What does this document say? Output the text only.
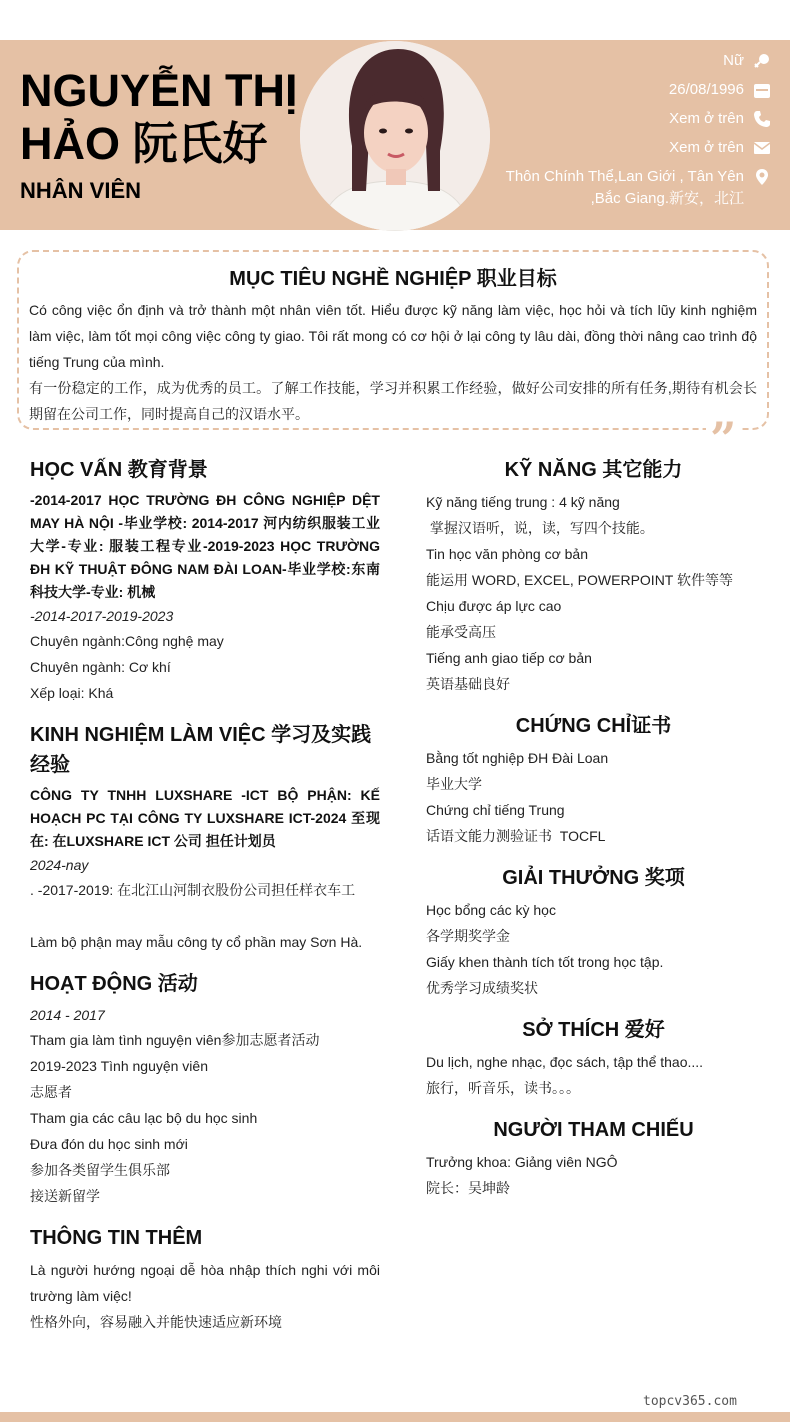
NGUYỄN THỊ HẢO 阮氏好
NHÂN VIÊN
Nữ
26/08/1996
Xem ở trên
Xem ở trên
Thôn Chính Thể,Lan Giới , Tân Yên ,Bắc Giang.新安，北江
MỤC TIÊU NGHỀ NGHIỆP 职业目标

Có công việc ổn định và trở thành một nhân viên tốt. Hiểu được kỹ năng làm việc, học hỏi và tích lũy kinh nghiệm làm việc, làm tốt mọi công việc công ty giao. Tôi rất mong có cơ hội ở lại công ty lâu dài, đồng thời nâng cao trình độ tiếng Trung của mình.

有一份稳定的工作，成为优秀的员工。了解工作技能，学习并积累工作经验，做好公司安排的所有任务,期待有机会长期留在公司工作，同时提高自己的汉语水平。	”
HỌC VẤN 教育背景
-2014-2017 HỌC TRƯỜNG ĐH CÔNG NGHIỆP DỆT MAY HÀ NỘI -毕业学校: 2014-2017 河内纺织服装工业大学-专业: 服装工程专业-2019-2023 HỌC TRƯỜNG ĐH KỸ THUẬT ĐÔNG NAM ĐÀI LOAN-毕业学校:东南科技大学-专业: 机械
-2014-2017-2019-2023
Chuyên ngành:Công nghệ may
Chuyên ngành: Cơ khí
Xếp loại: Khá
KINH NGHIỆM LÀM VIỆC 学习及实践经验
CÔNG TY TNHH LUXSHARE -ICT BỘ PHẬN: KẾ HOẠCH PC TẠI CÔNG TY LUXSHARE ICT-2024 至现在: 在LUXSHARE ICT 公司 担任计划员
2024-nay
. -2017-2019: 在北江山河制衣股份公司担任样衣车工
Làm bộ phận may mẫu công ty cổ phần may Sơn Hà.
HOẠT ĐỘNG 活动
2014 - 2017
Tham gia làm tình nguyện viên参加志愿者活动
2019-2023 Tình nguyện viên
志愿者
Tham gia các câu lạc bộ du học sinh
Đưa đón du học sinh mới
参加各类留学生俱乐部
接送新留学
THÔNG TIN THÊM
Là người hướng ngoại dễ hòa nhập thích nghi với môi trường làm việc!
性格外向，容易融入并能快速适应新环境
KỸ NĂNG 其它能力
Kỹ năng tiếng trung : 4 kỹ năng
掌握汉语听，说，读，写四个技能。
Tin học văn phòng cơ bản
能运用 WORD, EXCEL, POWERPOINT 软件等等
Chịu được áp lực cao
能承受高压
Tiếng anh giao tiếp cơ bản
英语基础良好
CHỨNG CHỈ证书
Bằng tốt nghiệp ĐH Đài Loan
毕业大学
Chứng chỉ tiếng Trung
话语文能力测验证书  TOCFL
GIẢI THƯỞNG 奖项
Học bổng các kỳ học
各学期奖学金
Giấy khen thành tích tốt trong học tập.
优秀学习成绩奖状
SỞ THÍCH 爱好
Du lịch, nghe nhạc, đọc sách, tập thể thao....
旅行，听音乐，读书。。。
NGƯỜI THAM CHIẾU
Trưởng khoa: Giảng viên NGÔ
院长：吴坤龄
topcv365.com
